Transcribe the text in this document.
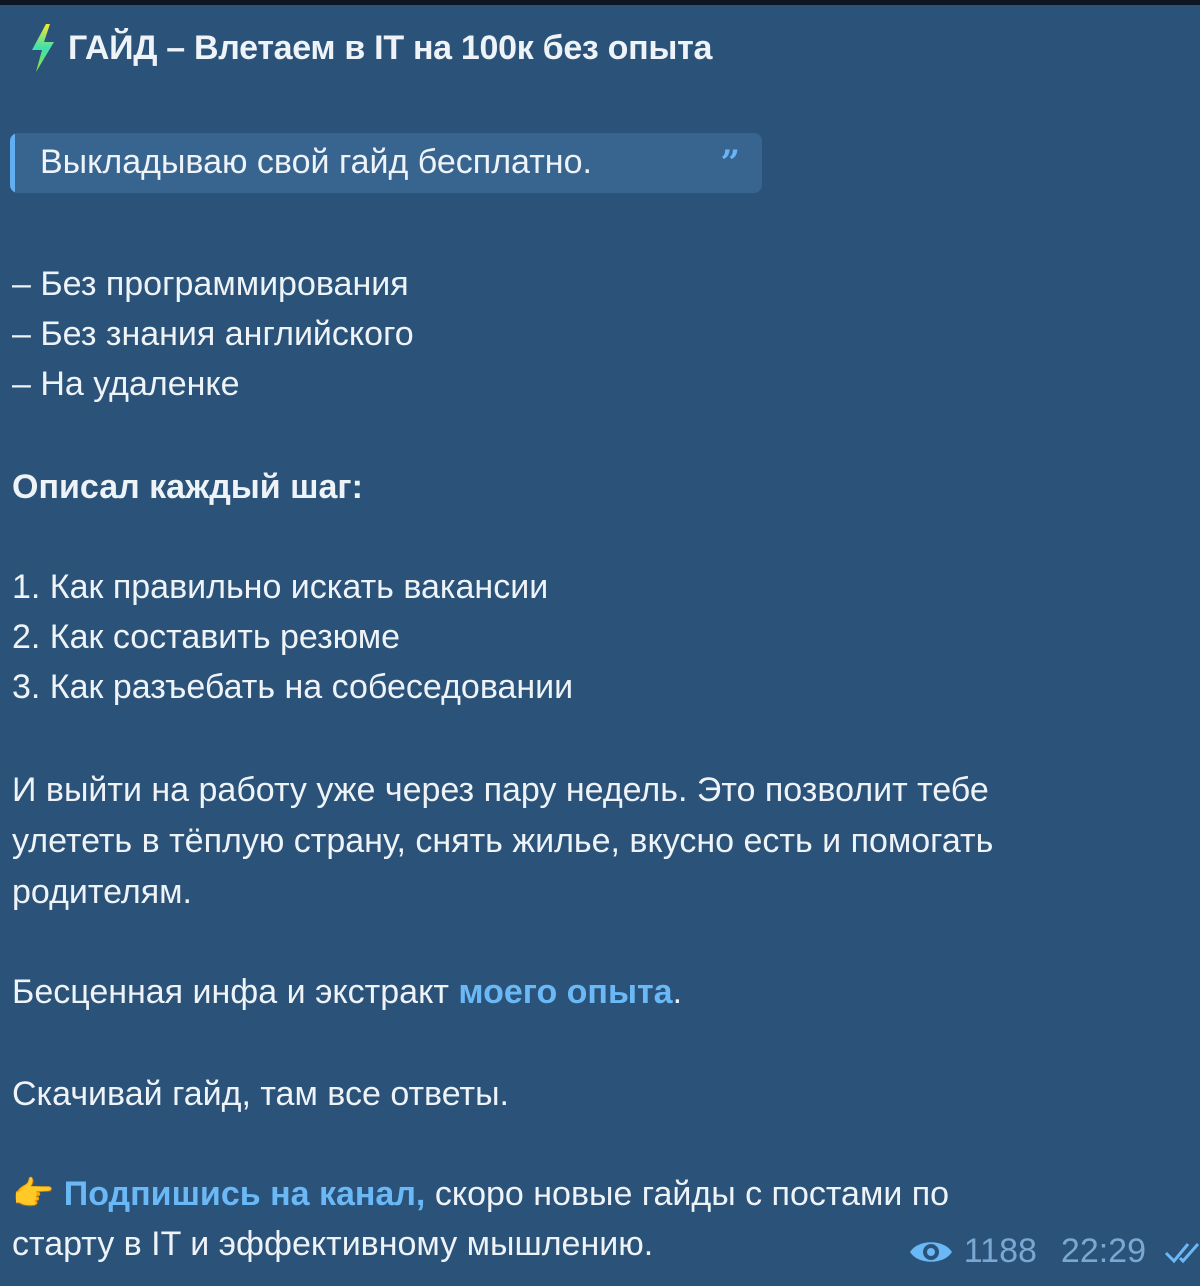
ГАЙД – Влетаем в IT на 100к без опыта
Выкладываю свой гайд бесплатно.	”
– Без программирования
– Без знания английского
– На удаленке
Описал каждый шаг:
1. Как правильно искать вакансии
2. Как составить резюме
3. Как разъебать на собеседовании
И выйти на работу уже через пару недель. Это позволит тебе
улететь в тёплую страну, снять жилье, вкусно есть и помогать
родителям.
Бесценная инфа и экстракт моего опыта.
Скачивай гайд, там все ответы.
👉 Подпишись на канал, скоро новые гайды с постами по
старту в IT и эффективному мышлению.	1188 22:29
